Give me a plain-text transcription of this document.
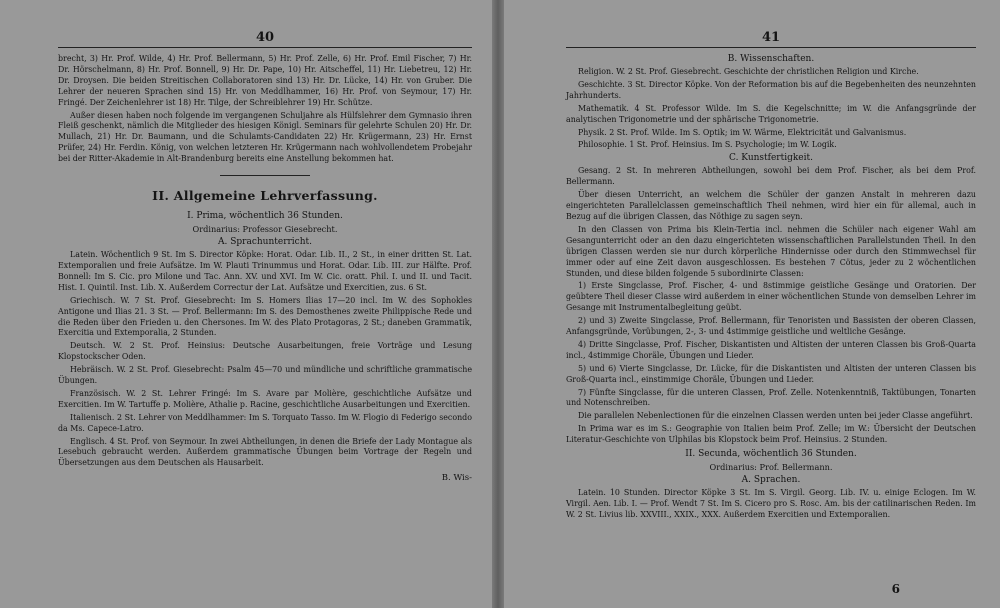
40

brecht, 3) Hr. Prof. Wilde, 4) Hr. Prof. Bellermann, 5) Hr. Prof. Zelle, 6) Hr. Prof. Emil Fischer, 7) Hr. Dr. Hörschelmann, 8) Hr. Prof. Bonnell, 9) Hr. Dr. Pape, 10) Hr. Aitscheffel, 11) Hr. Liebetreu, 12) Hr. Dr. Droysen. Die beiden Streitischen Collaboratoren sind 13) Hr. Dr. Lücke, 14) Hr. von Gruber. Die Lehrer der neueren Sprachen sind 15) Hr. von Meddlhammer, 16) Hr. Prof. von Seymour, 17) Hr. Fringé. Der Zeichenlehrer ist 18) Hr. Tilge, der Schreiblehrer 19) Hr. Schütze.

Außer diesen haben noch folgende im vergangenen Schuljahre als Hülfslehrer dem Gymnasio ihren Fleiß geschenkt, nämlich die Mitglieder des hiesigen Königl. Seminars für gelehrte Schulen 20) Hr. Dr. Mullach, 21) Hr. Dr. Baumann, und die Schulamts-Candidaten 22) Hr. Krügermann, 23) Hr. Ernst Prüfer, 24) Hr. Ferdin. König, von welchen letzteren Hr. Krügermann nach wohlvollendetem Probejahr bei der Ritter-Akademie in Alt-Brandenburg bereits eine Anstellung bekommen hat.

II. Allgemeine Lehrverfassung.
I. Prima, wöchentlich 36 Stunden.
Ordinarius: Professor Giesebrecht.
A. Sprachunterricht.

Latein. Wöchentlich 9 St. Im S. Director Köpke: Horat. Odar. Lib. II., 2 St., in einer dritten St. Lat. Extemporalien und freie Aufsätze. Im W. Plauti Trinummus und Horat. Odar. Lib. III. zur Hälfte. Prof. Bonnell: Im S. Cic. pro Milone und Tac. Ann. XV. und XVI. Im W. Cic. oratt. Phil. I. und II. und Tacit. Hist. I. Quintil. Inst. Lib. X. Außerdem Correctur der Lat. Aufsätze und Exercitien, zus. 6 St.

Griechisch. W. 7 St. Prof. Giesebrecht: Im S. Homers Ilias 17—20 incl. Im W. des Sophokles Antigone und Ilias 21. 3 St. — Prof. Bellermann: Im S. des Demosthenes zweite Philippische Rede und die Reden über den Frieden u. den Chersones. Im W. des Plato Protagoras, 2 St.; daneben Grammatik, Exercitia und Extemporalia, 2 Stunden.

Deutsch. W. 2 St. Prof. Heinsius: Deutsche Ausarbeitungen, freie Vorträge und Lesung Klopstockscher Oden.

Hebräisch. W. 2 St. Prof. Giesebrecht: Psalm 45—70 und mündliche und schriftliche grammatische Übungen.

Französisch. W. 2 St. Lehrer Fringé: Im S. Avare par Molière, geschichtliche Aufsätze und Exercitien. Im W. Tartuffe p. Molière, Athalie p. Racine, geschichtliche Ausarbeitungen und Exercitien.

Italienisch. 2 St. Lehrer von Meddlhammer: Im S. Torquato Tasso. Im W. Flogio di Federigo secondo da Ms. Capece-Latro.

Englisch. 4 St. Prof. von Seymour. In zwei Abtheilungen, in denen die Briefe der Lady Montague als Lesebuch gebraucht werden. Außerdem grammatische Übungen beim Vortrage der Regeln und Übersetzungen aus dem Deutschen als Hausarbeit.

B. Wis-
41
B. Wissenschaften.

Religion. W. 2 St. Prof. Giesebrecht. Geschichte der christlichen Religion und Kirche.

Geschichte. 3 St. Director Köpke. Von der Reformation bis auf die Begebenheiten des neunzehnten Jahrhunderts.

Mathematik. 4 St. Professor Wilde. Im S. die Kegelschnitte; im W. die Anfangsgründe der analytischen Trigonometrie und der sphärische Trigonometrie.

Physik. 2 St. Prof. Wilde. Im S. Optik; im W. Wärme, Elektricität und Galvanismus.

Philosophie. 1 St. Prof. Heinsius. Im S. Psychologie; im W. Logik.

C. Kunstfertigkeit.

Gesang. 2 St. In mehreren Abtheilungen, sowohl bei dem Prof. Fischer, als bei dem Prof. Bellermann.

Über diesen Unterricht, an welchem die Schüler der ganzen Anstalt in mehreren dazu eingerichteten Parallelclassen gemeinschaftlich Theil nehmen, wird hier ein für allemal, auch in Bezug auf die übrigen Classen, das Nöthige zu sagen seyn.

In den Classen von Prima bis Klein-Tertia incl. nehmen die Schüler nach eigener Wahl am Gesangunterricht oder an den dazu eingerichteten wissenschaftlichen Parallelstunden Theil. In den übrigen Classen werden sie nur durch körperliche Hindernisse oder durch den Stimmwechsel für immer oder auf eine Zeit davon ausgeschlossen. Es bestehen 7 Cötus, jeder zu 2 wöchentlichen Stunden, und diese bilden folgende 5 subordinirte Classen:

1) Erste Singclasse, Prof. Fischer, 4- und 8stimmige geistliche Gesänge und Oratorien. Der geübtere Theil dieser Classe wird außerdem in einer wöchentlichen Stunde von demselben Lehrer im Gesange mit Instrumentalbegleitung geübt.

2) und 3) Zweite Singclasse, Prof. Bellermann, für Tenoristen und Bassisten der oberen Classen, Anfangsgründe, Vorübungen, 2-, 3- und 4stimmige geistliche und weltliche Gesänge.

4) Dritte Singclasse, Prof. Fischer, Diskantisten und Altisten der unteren Classen bis Groß-Quarta incl., 4stimmige Choräle, Übungen und Lieder.

5) und 6) Vierte Singclasse, Dr. Lücke, für die Diskantisten und Altisten der unteren Classen bis Groß-Quarta incl., einstimmige Choräle, Übungen und Lieder.

7) Fünfte Singclasse, für die unteren Classen, Prof. Zelle. Notenkenntniß, Taktübungen, Tonarten und Notenschreiben.

Die parallelen Nebenlectionen für die einzelnen Classen werden unten bei jeder Classe angeführt.

In Prima war es im S.: Geographie von Italien beim Prof. Zelle; im W.: Übersicht der Deutschen Literatur-Geschichte von Ulphilas bis Klopstock beim Prof. Heinsius. 2 Stunden.

II. Secunda, wöchentlich 36 Stunden.
Ordinarius: Prof. Bellermann.
A. Sprachen.

Latein. 10 Stunden. Director Köpke 3 St. Im S. Virgil. Georg. Lib. IV. u. einige Eclogen. Im W. Virgil. Aen. Lib. I. — Prof. Wendt 7 St. Im S. Cicero pro S. Rosc. Am. bis der catilinarischen Reden. Im W. 2 St. Livius lib. XXVIII., XXIX., XXX. Außerdem Exercitien und Extemporalien.

6
